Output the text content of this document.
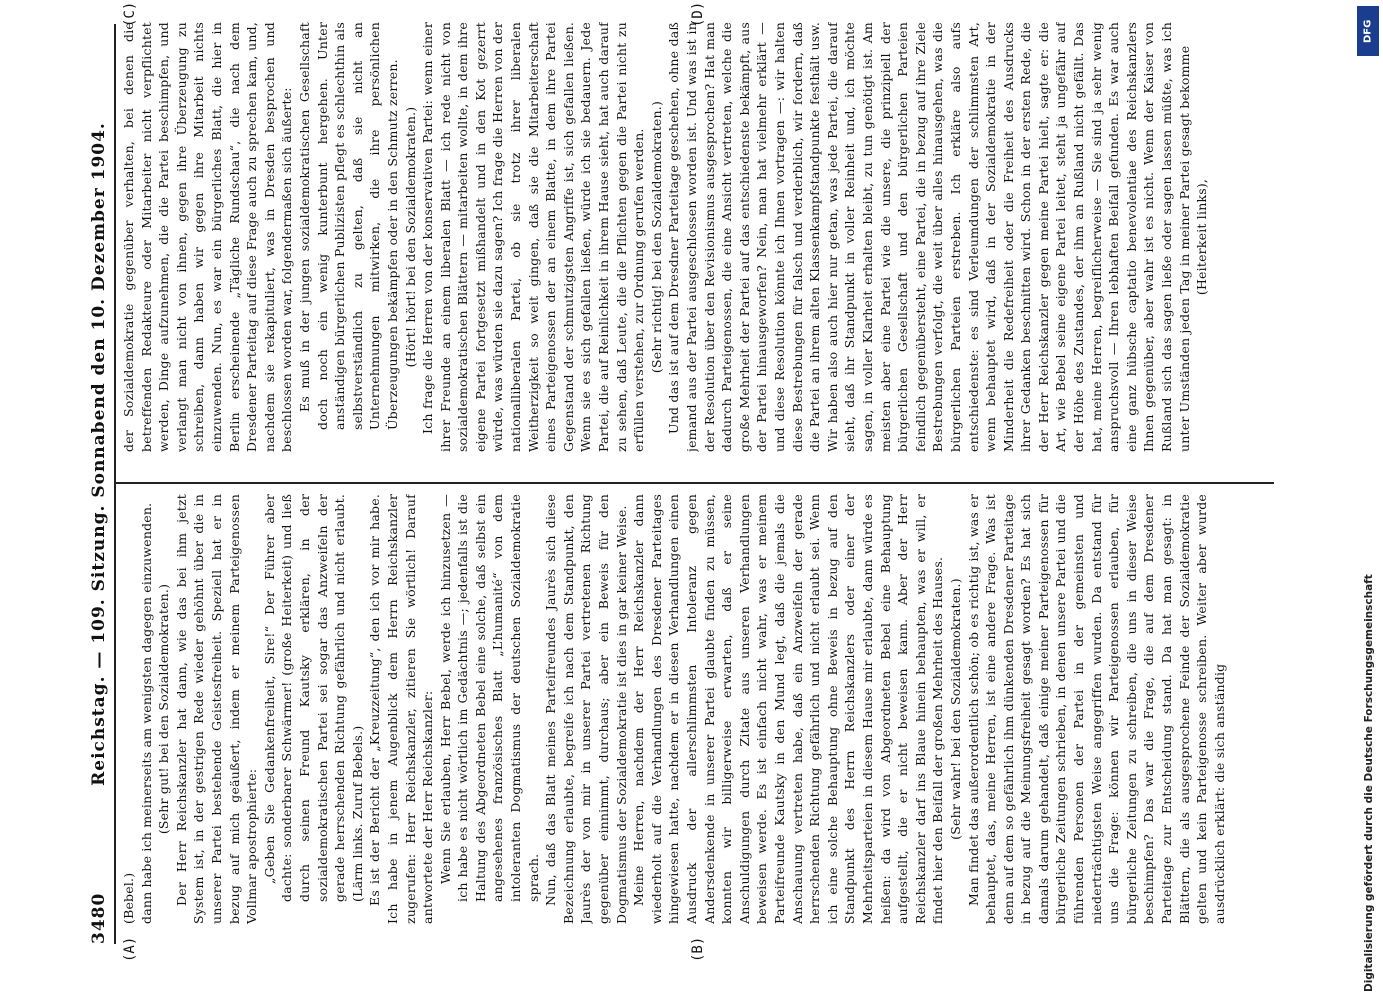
3480
Reichstag. — 109. Sitzung. Sonnabend den 10. Dezember 1904.
(A)	(B)
(C)	(D)

(Bebel.) dann habe ich meinerseits am wenigsten dagegen einzuwenden. (Sehr gut! bei den Sozialdemokraten.) Der Herr Reichskanzler hat dann, wie das bei ihm jetzt System ist, in der gestrigen Rede wieder gehöhnt über die in unserer Partei bestehende Geistesfreiheit. Speziell hat er in bezug auf mich geäußert, indem er meinem Parteigenossen Vollmar apostrophierte: „Geben Sie Gedankenfreiheit, Sire!“ Der Führer aber dachte: sonderbarer Schwärmer! (große Heiterkeit) und ließ durch seinen Freund Kautsky erklären, in der sozialdemokratischen Partei sei sogar das Anzweifeln der gerade herrschenden Richtung gefährlich und nicht erlaubt. (Lärm links. Zuruf Bebels.) Es ist der Bericht der „Kreuzzeitung“, den ich vor mir habe. Ich habe in jenem Augenblick dem Herrn Reichskanzler zugerufen: Herr Reichskanzler, zitieren Sie wörtlich! Darauf antwortete der Herr Reichskanzler: Wenn Sie erlauben, Herr Bebel, werde ich hinzusetzen — ich habe es nicht wörtlich im Gedächtnis —; jedenfalls ist die Haltung des Abgeordneten Bebel eine solche, daß selbst ein angesehenes französisches Blatt „L’humanité“ von dem intoleranten Dogmatismus der deutschen Sozialdemokratie sprach. Nun, daß das Blatt meines Parteifreundes Jaurès sich diese Bezeichnung erlaubte, begreife ich nach dem Standpunkt, den Jaurès der von mir in unserer Partei vertretenen Richtung gegenüber einnimmt, durchaus; aber ein Beweis für den Dogmatismus der Sozialdemokratie ist dies in gar keiner Weise. Meine Herren, nachdem der Herr Reichskanzler dann wiederholt auf die Verhandlungen des Dresdener Parteitages hingewiesen hatte, nachdem er in diesen Verhandlungen einen Ausdruck der allerschlimmsten Intoleranz gegen Andersdenkende in unserer Partei glaubte finden zu müssen, konnten wir billigerweise erwarten, daß er seine Anschuldigungen durch Zitate aus unseren Verhandlungen beweisen werde. Es ist einfach nicht wahr, was er meinem Parteifreunde Kautsky in den Mund legt, daß die jemals die Anschauung vertreten habe, daß ein Anzweifeln der gerade herrschenden Richtung gefährlich und nicht erlaubt sei. Wenn ich eine solche Behauptung ohne Beweis in bezug auf den Standpunkt des Herrn Reichskanzlers oder einer der Mehrheitsparteien in diesem Hause mir erlaubte, dann würde es heißen: da wird von Abgeordneten Bebel eine Behauptung aufgestellt, die er nicht beweisen kann. Aber der Herr Reichskanzler darf ins Blaue hinein behaupten, was er will, er findet hier den Beifall der großen Mehrheit des Hauses. (Sehr wahr! bei den Sozialdemokraten.) Man findet das außerordentlich schön; ob es richtig ist, was er behauptet, das, meine Herren, ist eine andere Frage. Was ist denn auf dem so gefährlich ihm dünkenden Dresdener Parteitage in bezug auf die Meinungsfreiheit gesagt worden? Es hat sich damals darum gehandelt, daß einige meiner Parteigenossen für bürgerliche Zeitungen schrieben, in denen unsere Partei und die führenden Personen der Partei in der gemeinsten und niederträchtigsten Weise angegriffen wurden. Da entstand für uns die Frage: können wir Parteigenossen erlauben, für bürgerliche Zeitungen zu schreiben, die uns in dieser Weise beschimpfen? Das war die Frage, die auf dem Dresdener Parteitage zur Entscheidung stand. Da hat man gesagt: in Blättern, die als ausgesprochene Feinde der Sozialdemokratie gelten und kein Parteigenosse schreiben. Weiter aber wurde ausdrücklich erklärt: die sich anständig

der Sozialdemokratie gegenüber verhalten, bei denen die betreffenden Redakteure oder Mitarbeiter nicht verpflichtet werden, Dinge aufzunehmen, die die Partei beschimpfen, und verlangt man nicht von ihnen, gegen ihre Überzeugung zu schreiben, dann haben wir gegen ihre Mitarbeit nichts einzuwenden. Nun, es war ein bürgerliches Blatt, die hier in Berlin erscheinende „Tägliche Rundschau“, die nach dem Dresdener Parteitag auf diese Frage auch zu sprechen kam, und, nachdem sie rekapituliert, was in Dresden besprochen und beschlossen worden war, folgendermaßen sich äußerte: Es muß in der jungen sozialdemokratischen Gesellschaft doch noch ein wenig kunterbunt hergehen. Unter anständigen bürgerlichen Publizisten pflegt es schlechthin als selbstverständlich zu gelten, daß sie nicht an Unternehmungen mitwirken, die ihre persönlichen Überzeugungen bekämpfen oder in den Schmutz zerren. (Hört! hört! bei den Sozialdemokraten.) Ich frage die Herren von der konservativen Partei: wenn einer ihrer Freunde an einem liberalen Blatt — ich rede nicht von sozialdemokratischen Blättern — mitarbeiten wollte, in dem ihre eigene Partei fortgesetzt mißhandelt und in den Kot gezerrt würde, was würden sie dazu sagen? Ich frage die Herren von der nationalliberalen Partei, ob sie trotz ihrer liberalen Weitherzigkeit so weit gingen, daß sie die Mitarbeiterschaft eines Parteigenossen der an einem Blatte, in dem ihre Partei Gegenstand der schmutzigsten Angriffe ist, sich gefallen ließen. Wenn sie es sich gefallen ließen, würde ich sie bedauern. Jede Partei, die auf Reinlichkeit in ihrem Hause sieht, hat auch darauf zu sehen, daß Leute, die die Pflichten gegen die Partei nicht zu erfüllen verstehen, zur Ordnung gerufen werden. (Sehr richtig! bei den Sozialdemokraten.) Und das ist auf dem Dresdner Parteitage geschehen, ohne daß jemand aus der Partei ausgeschlossen worden ist. Und was ist in der Resolution über den Revisionismus ausgesprochen? Hat man dadurch Parteigenossen, die eine Ansicht vertreten, welche die große Mehrheit der Partei auf das entschiedenste bekämpft, aus der Partei hinausgeworfen? Nein, man hat vielmehr erklärt — und diese Resolution könnte ich Ihnen vortragen —: wir halten diese Bestrebungen für falsch und verderblich, wir fordern, daß die Partei an ihrem alten Klassenkampfstandpunkte festhält usw. Wir haben also auch hier nur getan, was jede Partei, die darauf sieht, daß ihr Standpunkt in voller Reinheit und, ich möchte sagen, in voller Klarheit erhalten bleibt, zu tun genötigt ist. Am meisten aber eine Partei wie die unsere, die prinzipiell der bürgerlichen Gesellschaft und den bürgerlichen Parteien feindlich gegenübersteht, eine Partei, die in bezug auf ihre Ziele Bestrebungen verfolgt, die weit über alles hinausgehen, was die bürgerlichen Parteien erstreben. Ich erkläre also aufs entschiedenste: es sind Verleumdungen der schlimmsten Art, wenn behauptet wird, daß in der Sozialdemokratie in der Minderheit die Redefreiheit oder die Freiheit des Ausdrucks ihrer Gedanken beschnitten wird. Schon in der ersten Rede, die der Herr Reichskanzler gegen meine Partei hielt, sagte er: die Art, wie Bebel seine eigene Partei leitet, steht ja ungefähr auf der Höhe des Zustandes, der ihm an Rußland nicht gefällt. Das hat, meine Herren, begreiflicherweise — Sie sind ja sehr wenig anspruchsvoll — Ihren lebhaften Beifall gefunden. Es war auch eine ganz hübsche captatio benevolentiae des Reichskanzlers Ihnen gegenüber, aber wahr ist es nicht. Wenn der Kaiser von Rußland sich das sagen ließe oder sagen lassen müßte, was ich unter Umständen jeden Tag in meiner Partei gesagt bekomme (Heiterkeit links),

DFG
Digitalisierung gefördert durch die Deutsche Forschungsgemeinschaft
